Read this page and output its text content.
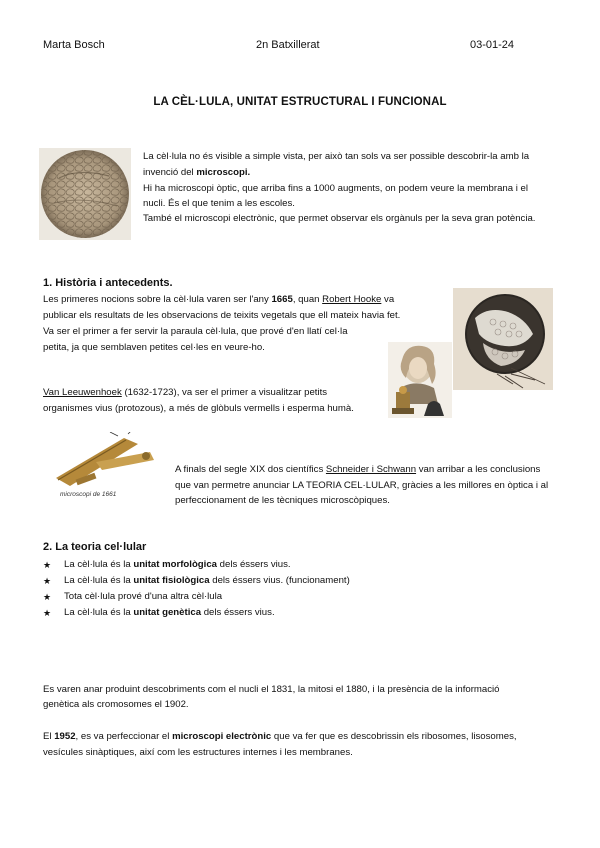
Marta Bosch	2n Batxillerat	03-01-24
LA CÈL·LULA, UNITAT ESTRUCTURAL I FUNCIONAL
La cèl·lula no és visible a simple vista, per això tan sols va ser possible descobrir-la amb la
invenció del microscopi.
Hi ha microscopi òptic, que arriba fins a 1000 augments, on podem veure la membrana i el
nucli. És el que tenim a les escoles.
També el microscopi electrònic, que permet observar els orgànuls per la seva gran potència.
1. Història i antecedents.
Les primeres nocions sobre la cèl·lula varen ser l'any 1665, quan Robert Hooke va
publicar els resultats de les observacions de teixits vegetals que ell mateix havia fet.
Va ser el primer a fer servir la paraula cèl·lula, que prové d'en llatí cel·la
petita, ja que semblaven petites cel·les en veure-ho.
Van Leeuwenhoek (1632-1723), va ser el primer a visualitzar petits
organismes vius (protozous), a més de glòbuls vermells i esperma humà.
microscopi de 1661
A finals del segle XIX dos científics Schneider i Schwann van arribar a les conclusions
que van permetre anunciar LA TEORIA CEL·LULAR, gràcies a les millores en òptica i al
perfeccionament de les tècniques microscòpiques.
2. La teoria cel·lular
★ La cèl·lula és la unitat morfològica dels éssers vius.
★ La cèl·lula és la unitat fisiològica dels éssers vius. (funcionament)
★ Tota cèl·lula prové d'una altra cèl·lula
★ La cèl·lula és la unitat genètica dels éssers vius.
Es varen anar produint descobriments com el nucli el 1831, la mitosi el 1880, i la presència de la informació
genètica als cromosomes el 1902.
El 1952, es va perfeccionar el microscopi electrònic que va fer que es descobrissin els ribosomes, lisosomes,
vesícules sinàptiques, així com les estructures internes i les membranes.
